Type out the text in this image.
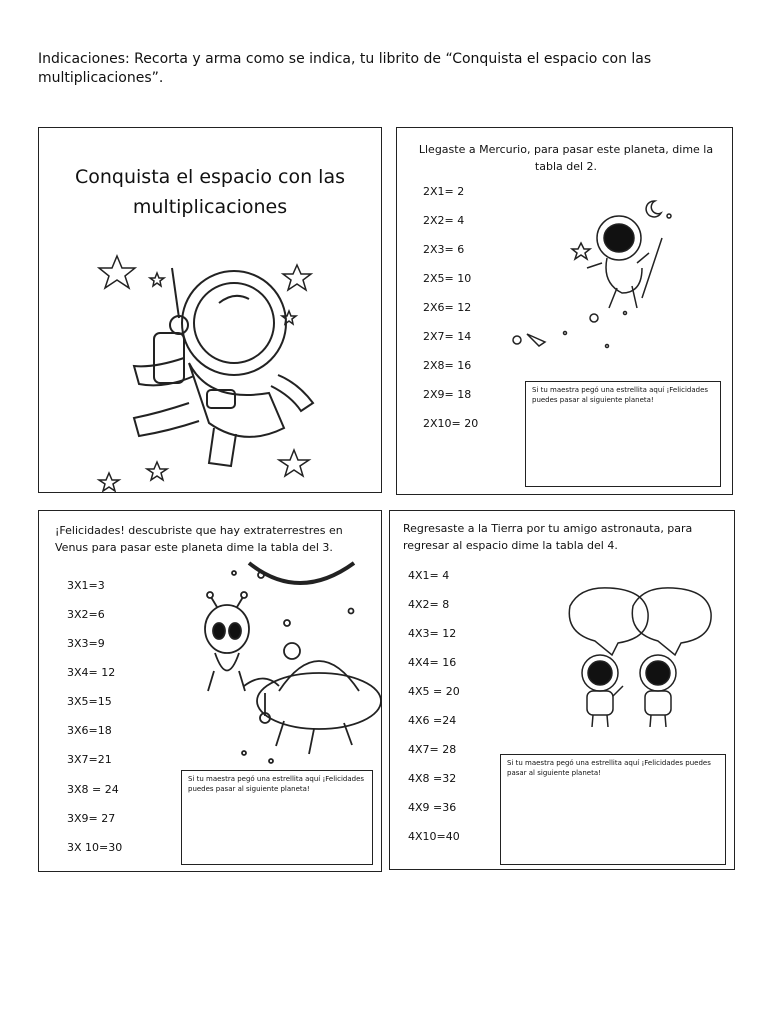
Indicaciones: Recorta y arma como se indica, tu librito de “Conquista el espacio con las multiplicaciones”.
Conquista el espacio con las
multiplicaciones
Llegaste a Mercurio, para pasar este planeta, dime la tabla del 2.
2X1= 2
2X2= 4
2X3= 6
2X5= 10
2X6= 12
2X7= 14
2X8= 16
2X9= 18
2X10= 20
Si tu maestra pegó una estrellita aquí ¡Felicidades puedes pasar al siguiente planeta!
¡Felicidades! descubriste que hay extraterrestres en Venus para pasar este planeta dime la tabla del 3.
3X1=3
3X2=6
3X3=9
3X4= 12
3X5=15
3X6=18
3X7=21
3X8 = 24
3X9= 27
3X 10=30
Si tu maestra pegó una estrellita aquí ¡Felicidades puedes pasar al siguiente planeta!
Regresaste a la Tierra por tu amigo astronauta, para regresar al espacio dime la tabla del 4.
4X1= 4
4X2= 8
4X3= 12
4X4= 16
4X5 = 20
4X6 =24
4X7= 28
4X8 =32
4X9 =36
4X10=40
Si tu maestra pegó una estrellita aquí ¡Felicidades puedes pasar al siguiente planeta!
